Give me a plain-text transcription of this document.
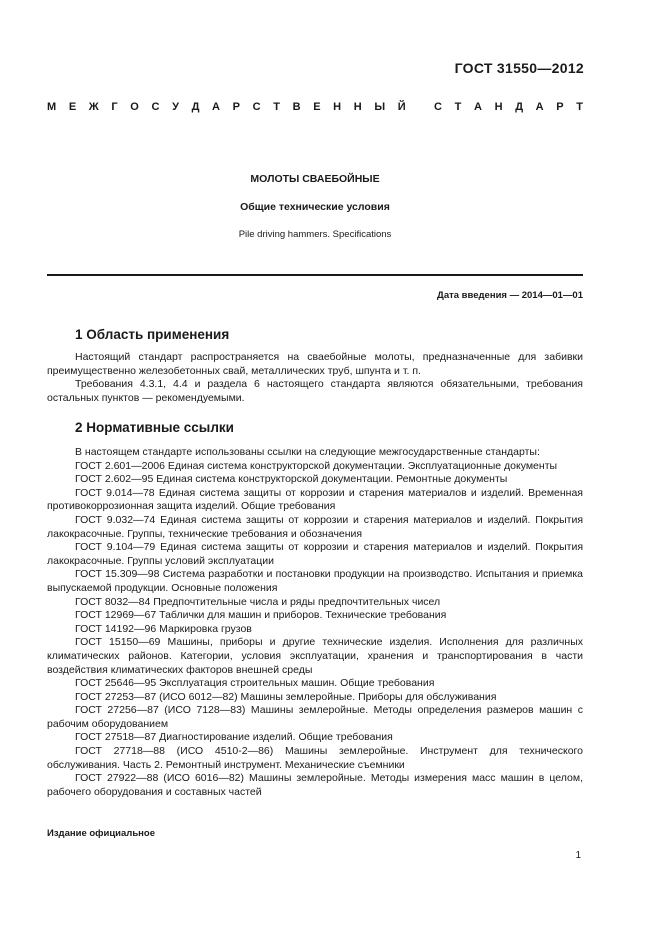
ГОСТ 31550—2012
М Е Ж Г О С У Д А Р С Т В Е Н Н Ы Й
	С Т А Н Д А Р Т
МОЛОТЫ СВАЕБОЙНЫЕ
Общие технические условия
Pile driving hammers. Specifications
Дата введения — 2014—01—01
1 Область применения

Настоящий стандарт распространяется на сваебойные молоты, предназначенные для забивки преимущественно железобетонных свай, металлических труб, шпунта и т. п.

Требования 4.3.1, 4.4 и раздела 6 настоящего стандарта являются обязательными, требования остальных пунктов — рекомендуемыми.

2 Нормативные ссылки

В настоящем стандарте использованы ссылки на следующие межгосударственные стандарты:

ГОСТ 2.601—2006 Единая система конструкторской документации. Эксплуатационные документы

ГОСТ 2.602—95 Единая система конструкторской документации. Ремонтные документы

ГОСТ 9.014—78 Единая система защиты от коррозии и старения материалов и изделий. Временная противокоррозионная защита изделий. Общие требования

ГОСТ 9.032—74 Единая система защиты от коррозии и старения материалов и изделий. Покрытия лакокрасочные. Группы, технические требования и обозначения

ГОСТ 9.104—79 Единая система защиты от коррозии и старения материалов и изделий. Покрытия лакокрасочные. Группы условий эксплуатации

ГОСТ 15.309—98 Система разработки и постановки продукции на производство. Испытания и приемка выпускаемой продукции. Основные положения

ГОСТ 8032—84 Предпочтительные числа и ряды предпочтительных чисел

ГОСТ 12969—67 Таблички для машин и приборов. Технические требования

ГОСТ 14192—96 Маркировка грузов

ГОСТ 15150—69 Машины, приборы и другие технические изделия. Исполнения для различных климатических районов. Категории, условия эксплуатации, хранения и транспортирования в части воздействия климатических факторов внешней среды

ГОСТ 25646—95 Эксплуатация строительных машин. Общие требования

ГОСТ 27253—87 (ИСО 6012—82) Машины землеройные. Приборы для обслуживания

ГОСТ 27256—87 (ИСО 7128—83) Машины землеройные. Методы определения размеров машин с рабочим оборудованием

ГОСТ 27518—87 Диагностирование изделий. Общие требования

ГОСТ 27718—88 (ИСО 4510-2—86) Машины землеройные. Инструмент для технического обслуживания. Часть 2. Ремонтный инструмент. Механические съемники

ГОСТ 27922—88 (ИСО 6016—82) Машины землеройные. Методы измерения масс машин в целом, рабочего оборудования и составных частей

Издание официальное
1
